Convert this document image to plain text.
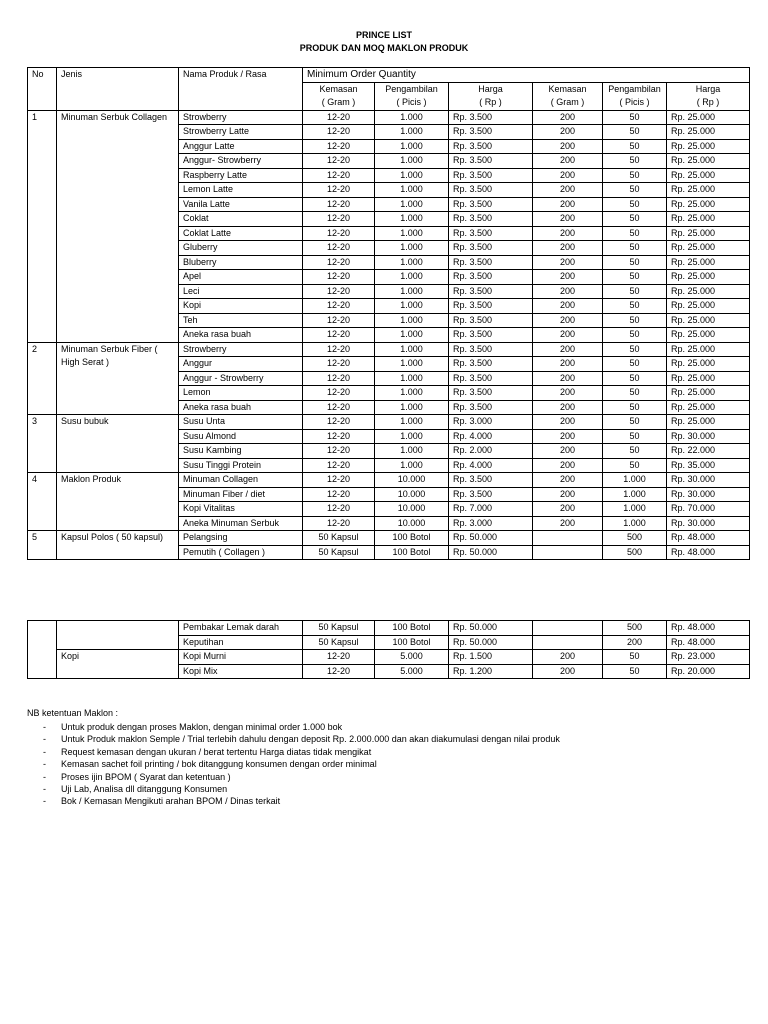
PRINCE LIST
PRODUK DAN MOQ MAKLON PRODUK
No	Jenis	Nama Produk / Rasa	Minimum Order Quantity					
			Kemasan	Pengambilan	Harga	Kemasan	Pengambilan	Harga
			( Gram )	( Picis )	( Rp )	( Gram )	( Picis )	( Rp )
1	Minuman Serbuk Collagen	Strowberry	12-20	1.000	Rp. 3.500	200	50	Rp. 25.000
		Strowberry Latte	12-20	1.000	Rp. 3.500	200	50	Rp. 25.000
		Anggur Latte	12-20	1.000	Rp. 3.500	200	50	Rp. 25.000
		Anggur- Strowberry	12-20	1.000	Rp. 3.500	200	50	Rp. 25.000
		Raspberry Latte	12-20	1.000	Rp. 3.500	200	50	Rp. 25.000
		Lemon Latte	12-20	1.000	Rp. 3.500	200	50	Rp. 25.000
		Vanila Latte	12-20	1.000	Rp. 3.500	200	50	Rp. 25.000
		Coklat	12-20	1.000	Rp. 3.500	200	50	Rp. 25.000
		Coklat Latte	12-20	1.000	Rp. 3.500	200	50	Rp. 25.000
		Gluberry	12-20	1.000	Rp. 3.500	200	50	Rp. 25.000
		Bluberry	12-20	1.000	Rp. 3.500	200	50	Rp. 25.000
		Apel	12-20	1.000	Rp. 3.500	200	50	Rp. 25.000
		Leci	12-20	1.000	Rp. 3.500	200	50	Rp. 25.000
		Kopi	12-20	1.000	Rp. 3.500	200	50	Rp. 25.000
		Teh	12-20	1.000	Rp. 3.500	200	50	Rp. 25.000
		Aneka rasa buah	12-20	1.000	Rp. 3.500	200	50	Rp. 25.000
2	Minuman Serbuk Fiber ( High Serat )	Strowberry	12-20	1.000	Rp. 3.500	200	50	Rp. 25.000
		Anggur	12-20	1.000	Rp. 3.500	200	50	Rp. 25.000
		Anggur - Strowberry	12-20	1.000	Rp. 3.500	200	50	Rp. 25.000
		Lemon	12-20	1.000	Rp. 3.500	200	50	Rp. 25.000
		Aneka rasa buah	12-20	1.000	Rp. 3.500	200	50	Rp. 25.000
3	Susu bubuk	Susu Unta	12-20	1.000	Rp. 3.000	200	50	Rp. 25.000
		Susu Almond	12-20	1.000	Rp. 4.000	200	50	Rp. 30.000
		Susu Kambing	12-20	1.000	Rp. 2.000	200	50	Rp. 22.000
		Susu Tinggi Protein	12-20	1.000	Rp. 4.000	200	50	Rp. 35.000
4	Maklon Produk	Minuman Collagen	12-20	10.000	Rp. 3.500	200	1.000	Rp. 30.000
		Minuman Fiber / diet	12-20	10.000	Rp. 3.500	200	1.000	Rp. 30.000
		Kopi Vitalitas	12-20	10.000	Rp. 7.000	200	1.000	Rp. 70.000
		Aneka Minuman Serbuk	12-20	10.000	Rp. 3.000	200	1.000	Rp. 30.000
5	Kapsul Polos ( 50 kapsul)	Pelangsing	50 Kapsul	100 Botol	Rp. 50.000		500	Rp. 48.000
		Pemutih ( Collagen )	50 Kapsul	100 Botol	Rp. 50.000		500	Rp. 48.000
		Pembakar Lemak darah	50 Kapsul	100 Botol	Rp. 50.000		500	Rp. 48.000
		Keputihan	50 Kapsul	100 Botol	Rp. 50.000		200	Rp. 48.000
	Kopi	Kopi Murni	12-20	5.000	Rp. 1.500	200	50	Rp. 23.000
		Kopi Mix	12-20	5.000	Rp. 1.200	200	50	Rp. 20.000
NB ketentuan Maklon :
- Untuk produk dengan proses Maklon, dengan minimal order 1.000 bok
- Untuk Produk maklon Semple / Trial terlebih dahulu dengan deposit Rp. 2.000.000 dan akan diakumulasi dengan nilai produk
- Request kemasan dengan ukuran / berat tertentu Harga diatas tidak mengikat
- Kemasan sachet foil printing / bok ditanggung konsumen dengan order minimal
- Proses ijin BPOM ( Syarat dan ketentuan )
- Uji Lab, Analisa dll ditanggung Konsumen
- Bok / Kemasan Mengikuti arahan BPOM / Dinas terkait
